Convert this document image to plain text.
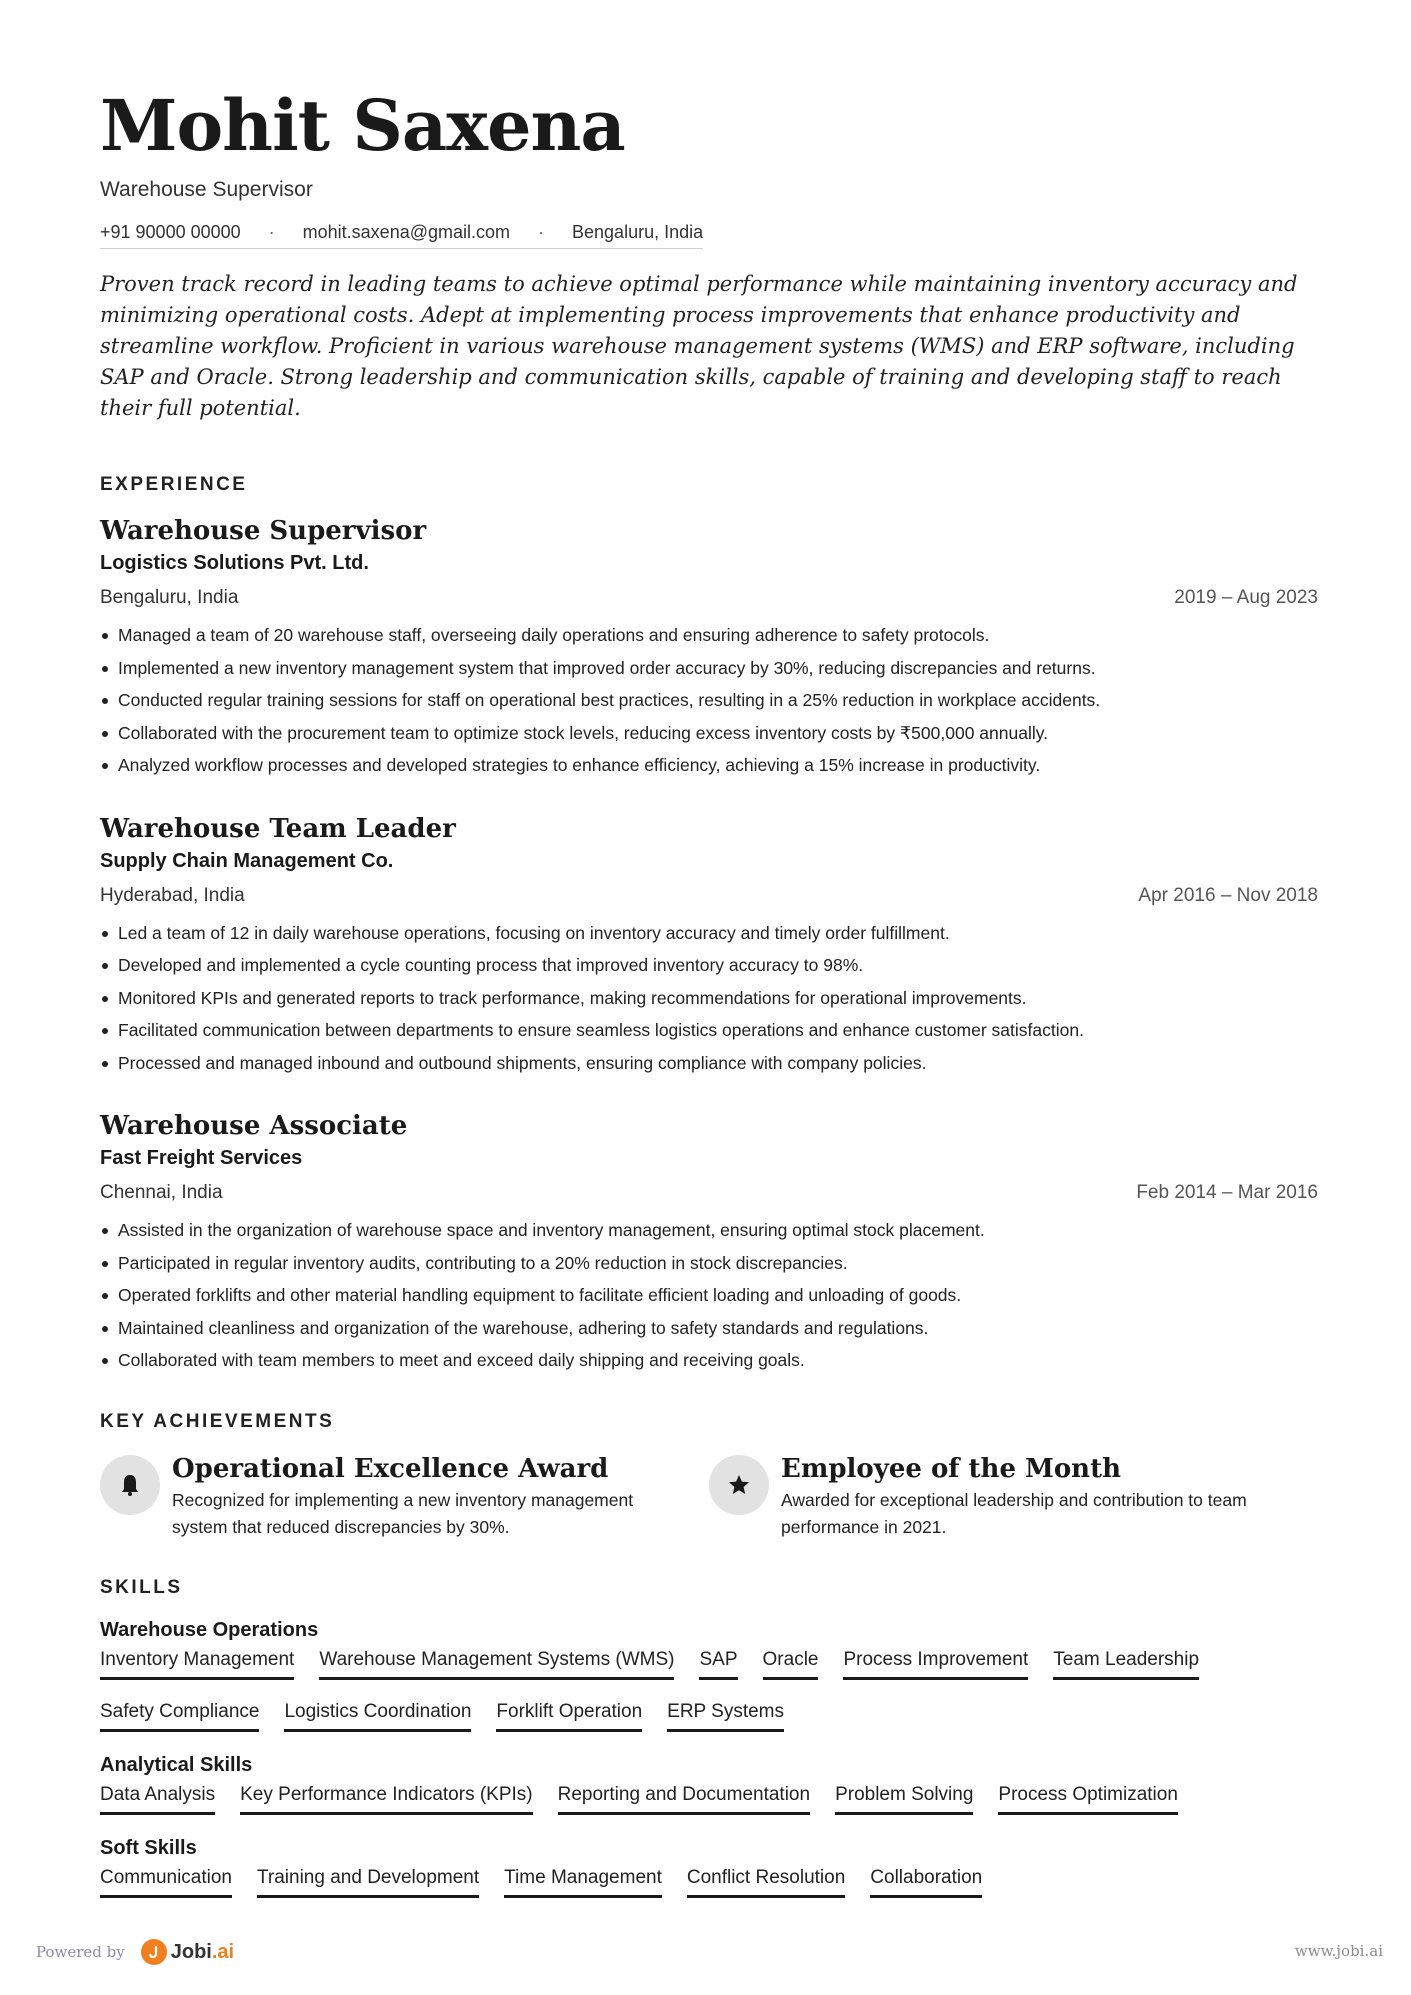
Mohit Saxena
Warehouse Supervisor
+91 90000 00000 · mohit.saxena@gmail.com · Bengaluru, India

Proven track record in leading teams to achieve optimal performance while maintaining inventory accuracy and minimizing operational costs. Adept at implementing process improvements that enhance productivity and streamline workflow. Proficient in various warehouse management systems (WMS) and ERP software, including SAP and Oracle. Strong leadership and communication skills, capable of training and developing staff to reach their full potential.

EXPERIENCE
Warehouse Supervisor
Logistics Solutions Pvt. Ltd.
Bengaluru, India	2019 – Aug 2023
Managed a team of 20 warehouse staff, overseeing daily operations and ensuring adherence to safety protocols.
Implemented a new inventory management system that improved order accuracy by 30%, reducing discrepancies and returns.
Conducted regular training sessions for staff on operational best practices, resulting in a 25% reduction in workplace accidents.
Collaborated with the procurement team to optimize stock levels, reducing excess inventory costs by ₹500,000 annually.
Analyzed workflow processes and developed strategies to enhance efficiency, achieving a 15% increase in productivity.
Warehouse Team Leader
Supply Chain Management Co.
Hyderabad, India	Apr 2016 – Nov 2018
Led a team of 12 in daily warehouse operations, focusing on inventory accuracy and timely order fulfillment.
Developed and implemented a cycle counting process that improved inventory accuracy to 98%.
Monitored KPIs and generated reports to track performance, making recommendations for operational improvements.
Facilitated communication between departments to ensure seamless logistics operations and enhance customer satisfaction.
Processed and managed inbound and outbound shipments, ensuring compliance with company policies.
Warehouse Associate
Fast Freight Services
Chennai, India	Feb 2014 – Mar 2016
Assisted in the organization of warehouse space and inventory management, ensuring optimal stock placement.
Participated in regular inventory audits, contributing to a 20% reduction in stock discrepancies.
Operated forklifts and other material handling equipment to facilitate efficient loading and unloading of goods.
Maintained cleanliness and organization of the warehouse, adhering to safety standards and regulations.
Collaborated with team members to meet and exceed daily shipping and receiving goals.
KEY ACHIEVEMENTS
Operational Excellence Award
Recognized for implementing a new inventory management system that reduced discrepancies by 30%.
Employee of the Month
Awarded for exceptional leadership and contribution to team performance in 2021.
SKILLS
Warehouse Operations
Inventory Management Warehouse Management Systems (WMS) SAP Oracle Process Improvement Team Leadership
Safety Compliance Logistics Coordination Forklift Operation ERP Systems
Analytical Skills
Data Analysis Key Performance Indicators (KPIs) Reporting and Documentation Problem Solving Process Optimization
Soft Skills
Communication Training and Development Time Management Conflict Resolution Collaboration
Powered by Jobi.ai	www.jobi.ai
